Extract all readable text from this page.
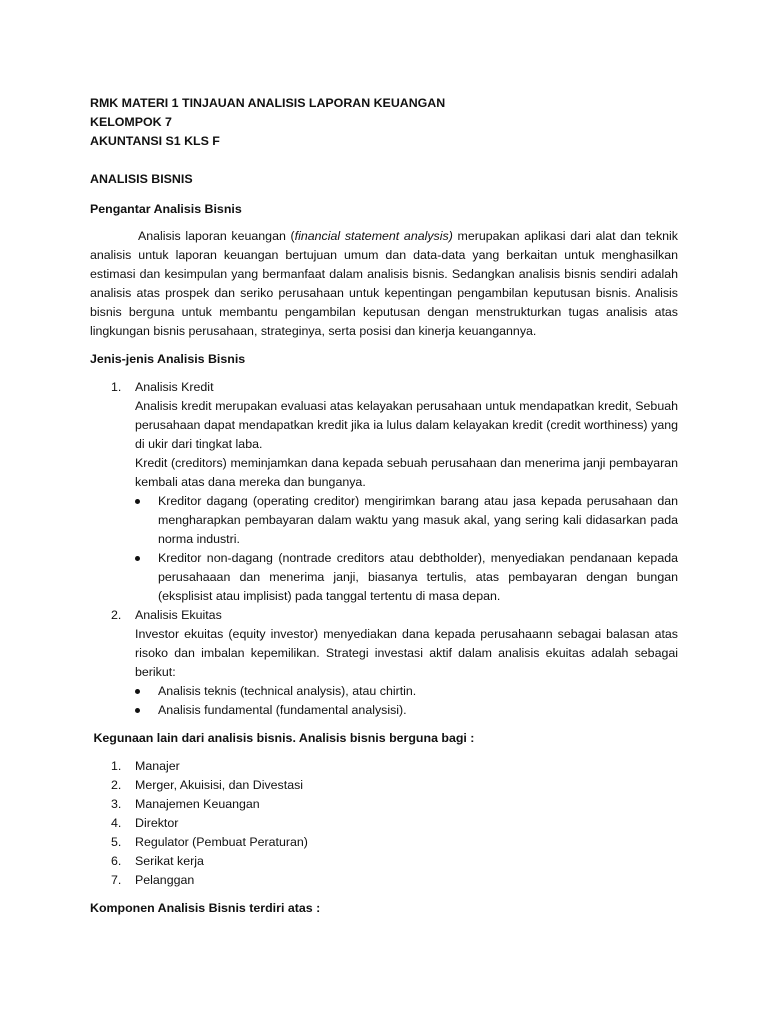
RMK MATERI 1 TINJAUAN ANALISIS LAPORAN KEUANGAN
KELOMPOK 7
AKUNTANSI S1 KLS F
ANALISIS BISNIS
Pengantar Analisis Bisnis

Analisis laporan keuangan (financial statement analysis) merupakan aplikasi dari alat dan teknik analisis untuk laporan keuangan bertujuan umum dan data-data yang berkaitan untuk menghasilkan estimasi dan kesimpulan yang bermanfaat dalam analisis bisnis. Sedangkan analisis bisnis sendiri adalah analisis atas prospek dan seriko perusahaan untuk kepentingan pengambilan keputusan bisnis. Analisis bisnis berguna untuk membantu pengambilan keputusan dengan menstrukturkan tugas analisis atas lingkungan bisnis perusahaan, strateginya, serta posisi dan kinerja keuangannya.

Jenis-jenis Analisis Bisnis
1. Analisis Kredit

Analisis kredit merupakan evaluasi atas kelayakan perusahaan untuk mendapatkan kredit, Sebuah perusahaan dapat mendapatkan kredit jika ia lulus dalam kelayakan kredit (credit worthiness) yang di ukir dari tingkat laba.

Kredit (creditors) meminjamkan dana kepada sebuah perusahaan dan menerima janji pembayaran kembali atas dana mereka dan bunganya.

Kreditor dagang (operating creditor) mengirimkan barang atau jasa kepada perusahaan dan mengharapkan pembayaran dalam waktu yang masuk akal, yang sering kali didasarkan pada norma industri.
Kreditor non-dagang (nontrade creditors atau debtholder), menyediakan pendanaan kepada perusahaaan dan menerima janji, biasanya tertulis, atas pembayaran dengan bungan (eksplisist atau implisist) pada tanggal tertentu di masa depan.
2. Analisis Ekuitas

Investor ekuitas (equity investor) menyediakan dana kepada perusahaann sebagai balasan atas risoko dan imbalan kepemilikan. Strategi investasi aktif dalam analisis ekuitas adalah sebagai berikut:

Analisis teknis (technical analysis), atau chirtin.
Analisis fundamental (fundamental analysisi).
Kegunaan lain dari analisis bisnis. Analisis bisnis berguna bagi :
1. Manajer
2. Merger, Akuisisi, dan Divestasi
3. Manajemen Keuangan
4. Direktor
5. Regulator (Pembuat Peraturan)
6. Serikat kerja
7. Pelanggan
Komponen Analisis Bisnis terdiri atas :
